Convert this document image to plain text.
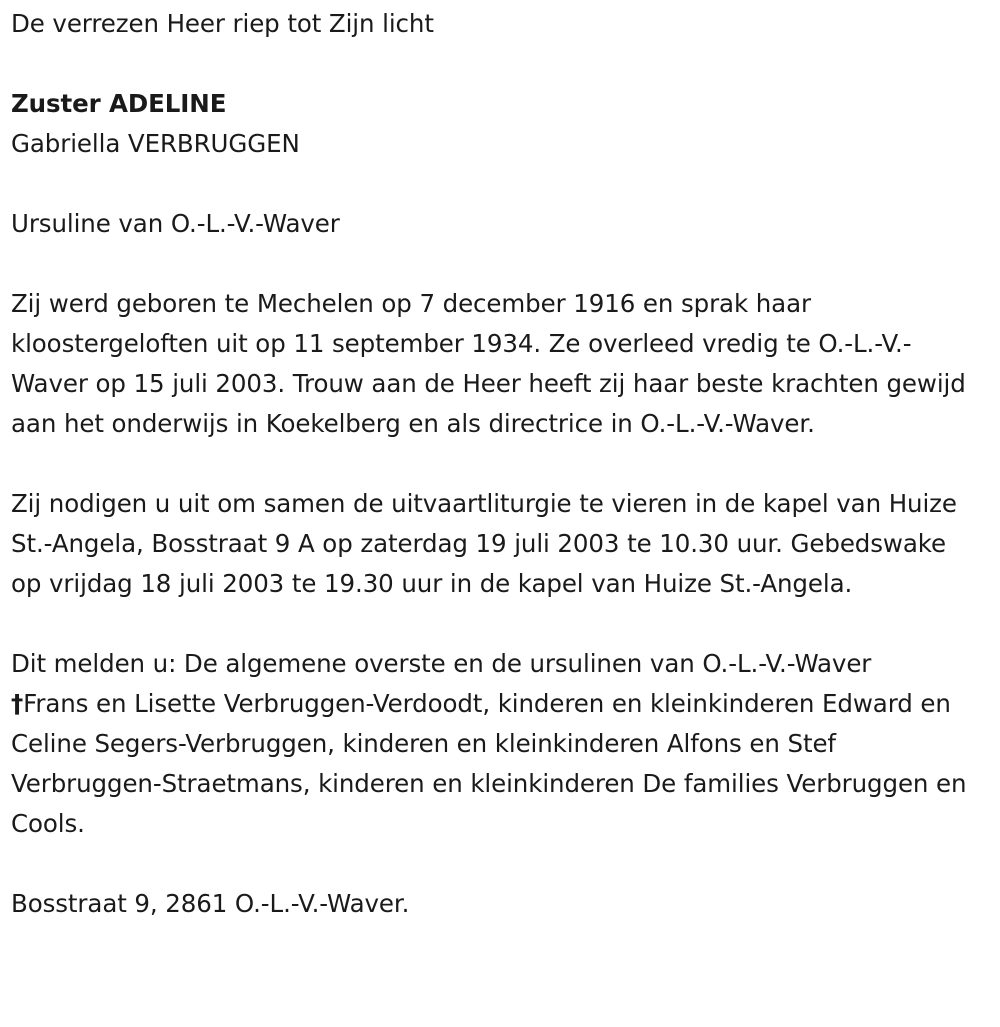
De verrezen Heer riep tot Zijn licht

Zuster ADELINE

Gabriella VERBRUGGEN

Ursuline van O.-L.-V.-Waver

Zij werd geboren te Mechelen op 7 december 1916 en sprak haar kloostergeloften uit op 11 september 1934. Ze overleed vredig te O.-L.-V.-Waver op 15 juli 2003. Trouw aan de Heer heeft zij haar beste krachten gewijd aan het onderwijs in Koekelberg en als directrice in O.-L.-V.-Waver.

Zij nodigen u uit om samen de uitvaartliturgie te vieren in de kapel van Huize St.-Angela, Bosstraat 9 A op zaterdag 19 juli 2003 te 10.30 uur. Gebedswake op vrijdag 18 juli 2003 te 19.30 uur in de kapel van Huize St.-Angela.

Dit melden u: De algemene overste en de ursulinen van O.-L.-V.-Waver
†Frans en Lisette Verbruggen-Verdoodt, kinderen en kleinkinderen Edward en Celine Segers-Verbruggen, kinderen en kleinkinderen Alfons en Stef Verbruggen-Straetmans, kinderen en kleinkinderen De families Verbruggen en Cools.

Bosstraat 9, 2861 O.-L.-V.-Waver.
